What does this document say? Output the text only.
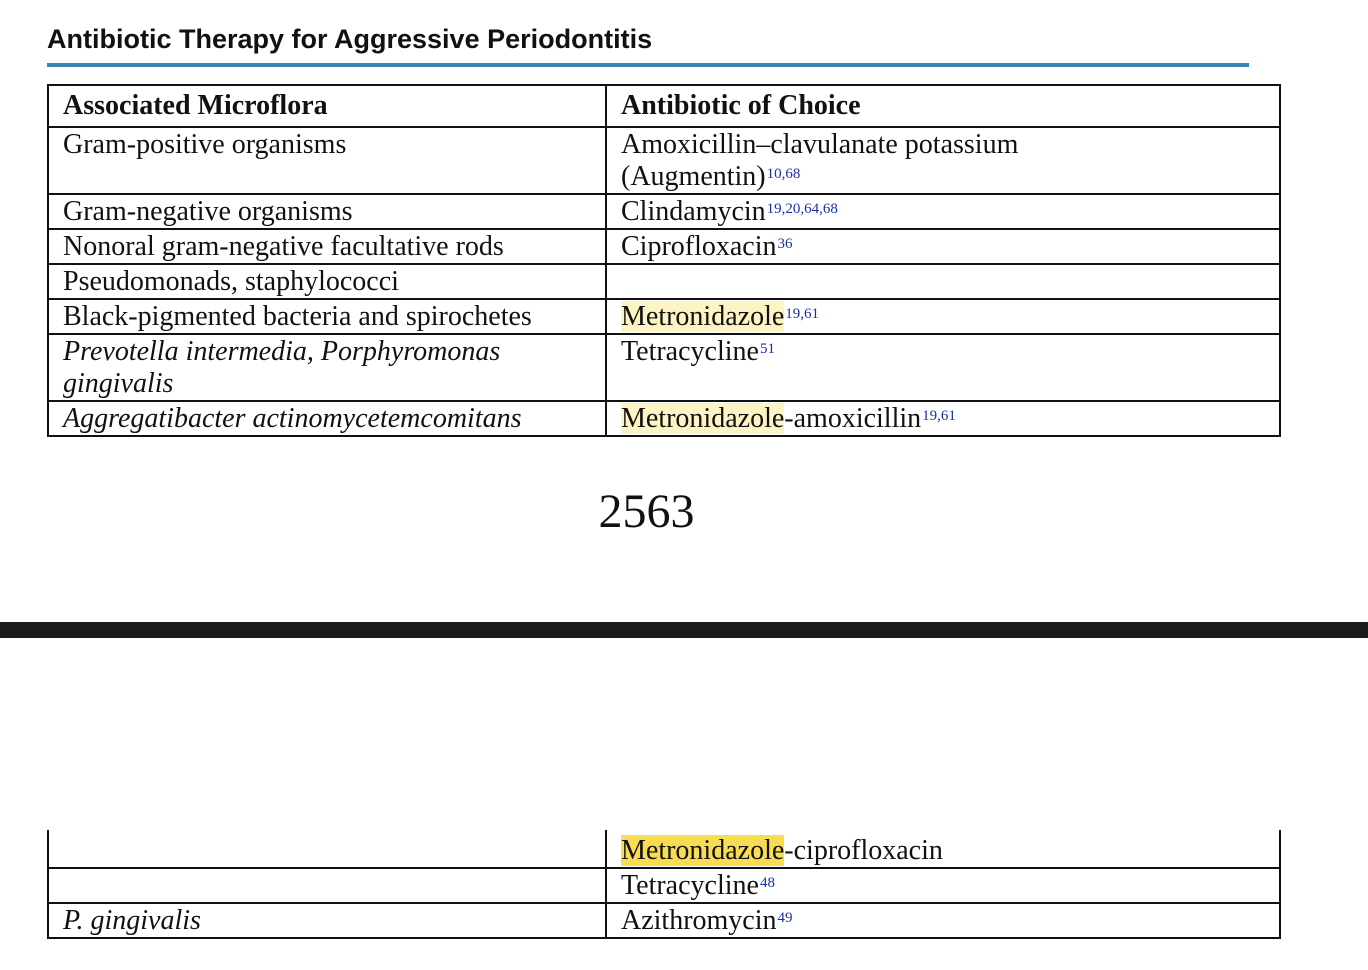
Antibiotic Therapy for Aggressive Periodontitis
Associated Microflora	Antibiotic of Choice
Gram-positive organisms	Amoxicillin–clavulanate potassium
(Augmentin)$^{10,68}$
Gram-negative organisms	Clindamycin$^{19,20,64,68}$
Nonoral gram-negative facultative rods	Ciprofloxacin$^{36}$
Pseudomonads, staphylococci	
Black-pigmented bacteria and spirochetes	Metronidazole$^{19,61}$
Prevotella intermedia, Porphyromonas
gingivalis	Tetracycline$^{51}$
Aggregatibacter actinomycetemcomitans	Metronidazole-amoxicillin$^{19,61}$
2563
	Metronidazole-ciprofloxacin
	Tetracycline$^{48}$
P. gingivalis	Azithromycin$^{49}$
